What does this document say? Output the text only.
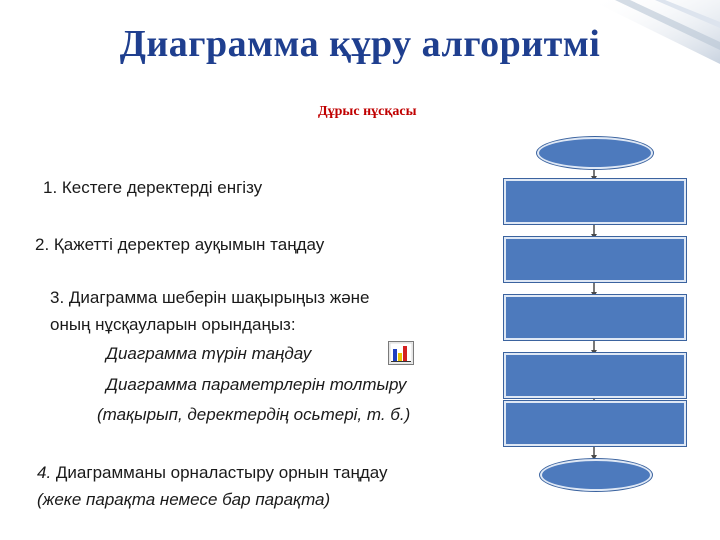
Диаграмма құру алгоритмі
Дұрыс нұсқасы
1. Кестеге деректерді енгізу
2. Қажетті деректер ауқымын таңдау
3. Диаграмма шеберін шақырыңыз және
оның нұсқауларын орындаңыз:
Диаграмма түрін таңдау
Диаграмма параметрлерін толтыру
(тақырып, деректердің осьтері, т. б.)
4. Диаграмманы орналастыру орнын таңдау
(жеке парақта немесе бар парақта)
